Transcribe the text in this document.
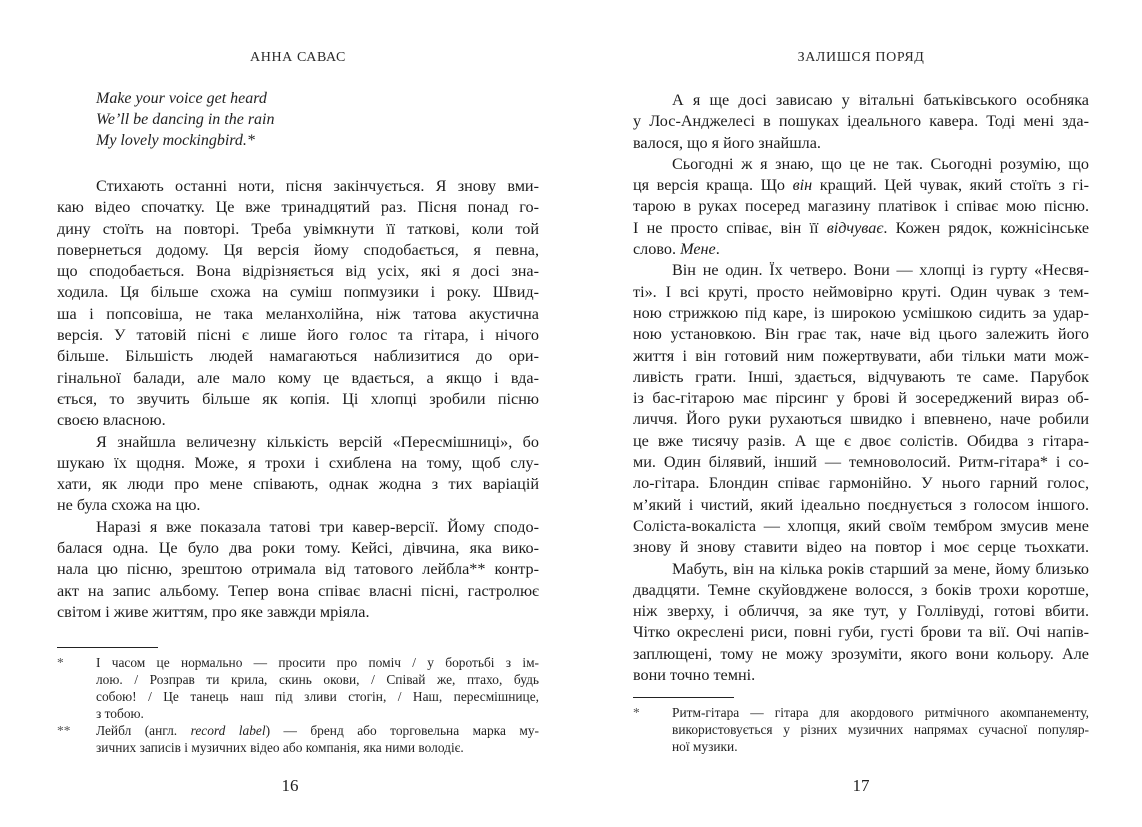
АННА САВАС
Make your voice get heard
We’ll be dancing in the rain
My lovely mockingbird.*
Стихають останні ноти, пісня закінчується. Я знову вми-
каю відео спочатку. Це вже тринадцятий раз. Пісня понад го-
дину стоїть на повторі. Треба увімкнути її таткові, коли той
повернеться додому. Ця версія йому сподобається, я певна,
що сподобається. Вона відрізняється від усіх, які я досі зна-
ходила. Ця більше схожа на суміш попмузики і року. Швид-
ша і попсовіша, не така меланхолійна, ніж татова акустична
версія. У татовій пісні є лише його голос та гітара, і нічого
більше. Більшість людей намагаються наблизитися до ори-
гінальної балади, але мало кому це вдається, а якщо і вда-
ється, то звучить більше як копія. Ці хлопці зробили пісню
своєю власною.
Я знайшла величезну кількість версій «Пересмішниці», бо
шукаю їх щодня. Може, я трохи і схиблена на тому, щоб слу-
хати, як люди про мене співають, однак жодна з тих варіацій
не була схожа на цю.
Наразі я вже показала татові три кавер-версії. Йому сподо-
балася одна. Це було два роки тому. Кейсі, дівчина, яка вико-
нала цю пісню, зрештою отримала від татового лейбла** контр-
акт на запис альбому. Тепер вона співає власні пісні, гастролює
світом і живе життям, про яке завжди мріяла.
* І часом це нормально — просити про поміч / у боротьбі з ім-
лою. / Розправ ти крила, скинь окови, / Співай же, птахо, будь
собою! / Це танець наш під зливи стогін, / Наш, пересмішнице,
з тобою.
** Лейбл (англ. record label) — бренд або торговельна марка му-
зичних записів і музичних відео або компанія, яка ними володіє.
16
ЗАЛИШСЯ ПОРЯД
А я ще досі зависаю у вітальні батьківського особняка
у Лос-Анджелесі в пошуках ідеального кавера. Тоді мені зда-
валося, що я його знайшла.
Сьогодні ж я знаю, що це не так. Сьогодні розумію, що
ця версія краща. Що він кращий. Цей чувак, який стоїть з гі-
тарою в руках посеред магазину платівок і співає мою пісню.
І не просто співає, він її відчуває. Кожен рядок, кожнісінське
слово. Мене.
Він не один. Їх четверо. Вони — хлопці із гурту «Несвя-
ті». І всі круті, просто неймовірно круті. Один чувак з тем-
ною стрижкою під каре, із широкою усмішкою сидить за удар-
ною установкою. Він грає так, наче від цього залежить його
життя і він готовий ним пожертвувати, аби тільки мати мож-
ливість грати. Інші, здається, відчувають те саме. Парубок
із бас-гітарою має пірсинг у брові й зосереджений вираз об-
личчя. Його руки рухаються швидко і впевнено, наче робили
це вже тисячу разів. А ще є двоє солістів. Обидва з гітара-
ми. Один білявий, інший — темноволосий. Ритм-гітара* і со-
ло-гітара. Блондин співає гармонійно. У нього гарний голос,
м’який і чистий, який ідеально поєднується з голосом іншого.
Соліста-вокаліста — хлопця, який своїм тембром змусив мене
знову й знову ставити відео на повтор і моє серце тьохкати.
Мабуть, він на кілька років старший за мене, йому близько
двадцяти. Темне скуйовджене волосся, з боків трохи коротше,
ніж зверху, і обличчя, за яке тут, у Голлівуді, готові вбити.
Чітко окреслені риси, повні губи, густі брови та вії. Очі напів-
заплющені, тому не можу зрозуміти, якого вони кольору. Але
вони точно темні.
* Ритм-гітара — гітара для акордового ритмічного акомпанементу,
використовується у різних музичних напрямах сучасної популяр-
ної музики.
17
